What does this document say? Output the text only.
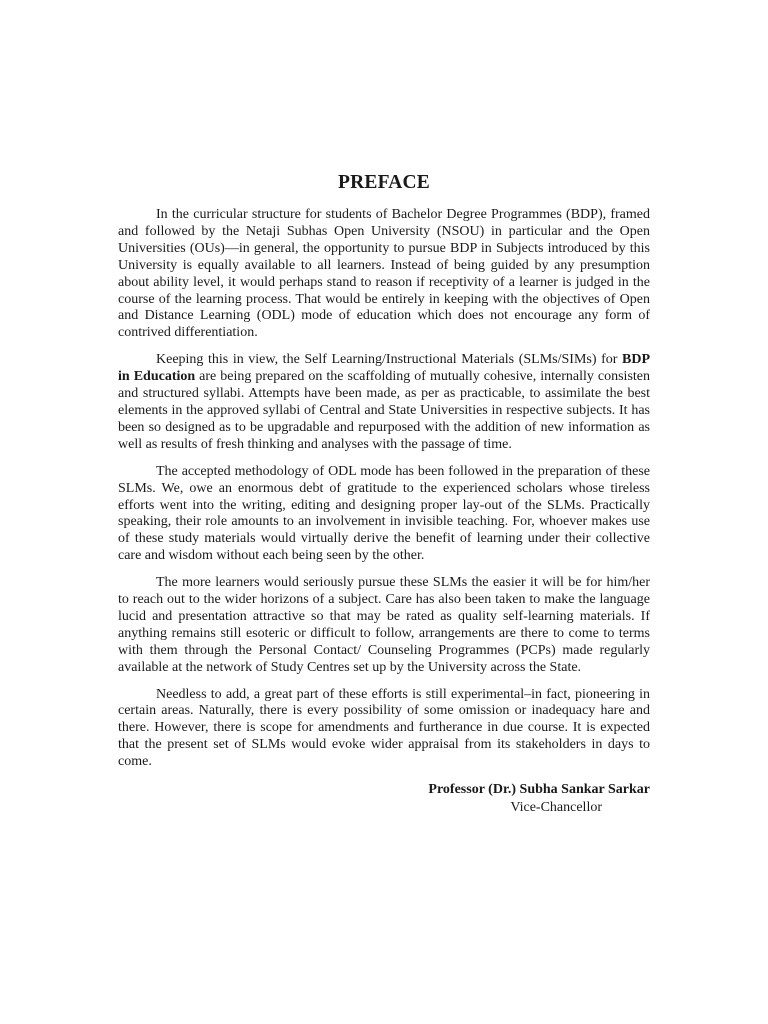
PREFACE

In the curricular structure for students of Bachelor Degree Programmes (BDP), framed and followed by the Netaji Subhas Open University (NSOU) in particular and the Open Universities (OUs)—in general, the opportunity to pursue BDP in Subjects introduced by this University is equally available to all learners. Instead of being guided by any presumption about ability level, it would perhaps stand to reason if receptivity of a learner is judged in the course of the learning process. That would be entirely in keeping with the objectives of Open and Distance Learning (ODL) mode of education which does not encourage any form of contrived differentiation.

Keeping this in view, the Self Learning/Instructional Materials (SLMs/SIMs) for BDP in Education are being prepared on the scaffolding of mutually cohesive, internally consisten and structured syllabi. Attempts have been made, as per as practicable, to assimilate the best elements in the approved syllabi of Central and State Universities in respective subjects. It has been so designed as to be upgradable and repurposed with the addition of new information as well as results of fresh thinking and analyses with the passage of time.

The accepted methodology of ODL mode has been followed in the preparation of these SLMs. We, owe an enormous debt of gratitude to the experienced scholars whose tireless efforts went into the writing, editing and designing proper lay-out of the SLMs. Practically speaking, their role amounts to an involvement in invisible teaching. For, whoever makes use of these study materials would virtually derive the benefit of learning under their collective care and wisdom without each being seen by the other.

The more learners would seriously pursue these SLMs the easier it will be for him/her to reach out to the wider horizons of a subject. Care has also been taken to make the language lucid and presentation attractive so that may be rated as quality self-learning materials. If anything remains still esoteric or difficult to follow, arrangements are there to come to terms with them through the Personal Contact/ Counseling Programmes (PCPs) made regularly available at the network of Study Centres set up by the University across the State.

Needless to add, a great part of these efforts is still experimental–in fact, pioneering in certain areas. Naturally, there is every possibility of some omission or inadequacy hare and there. However, there is scope for amendments and furtherance in due course. It is expected that the present set of SLMs would evoke wider appraisal from its stakeholders in days to come.

Professor (Dr.) Subha Sankar Sarkar
Vice-Chancellor
